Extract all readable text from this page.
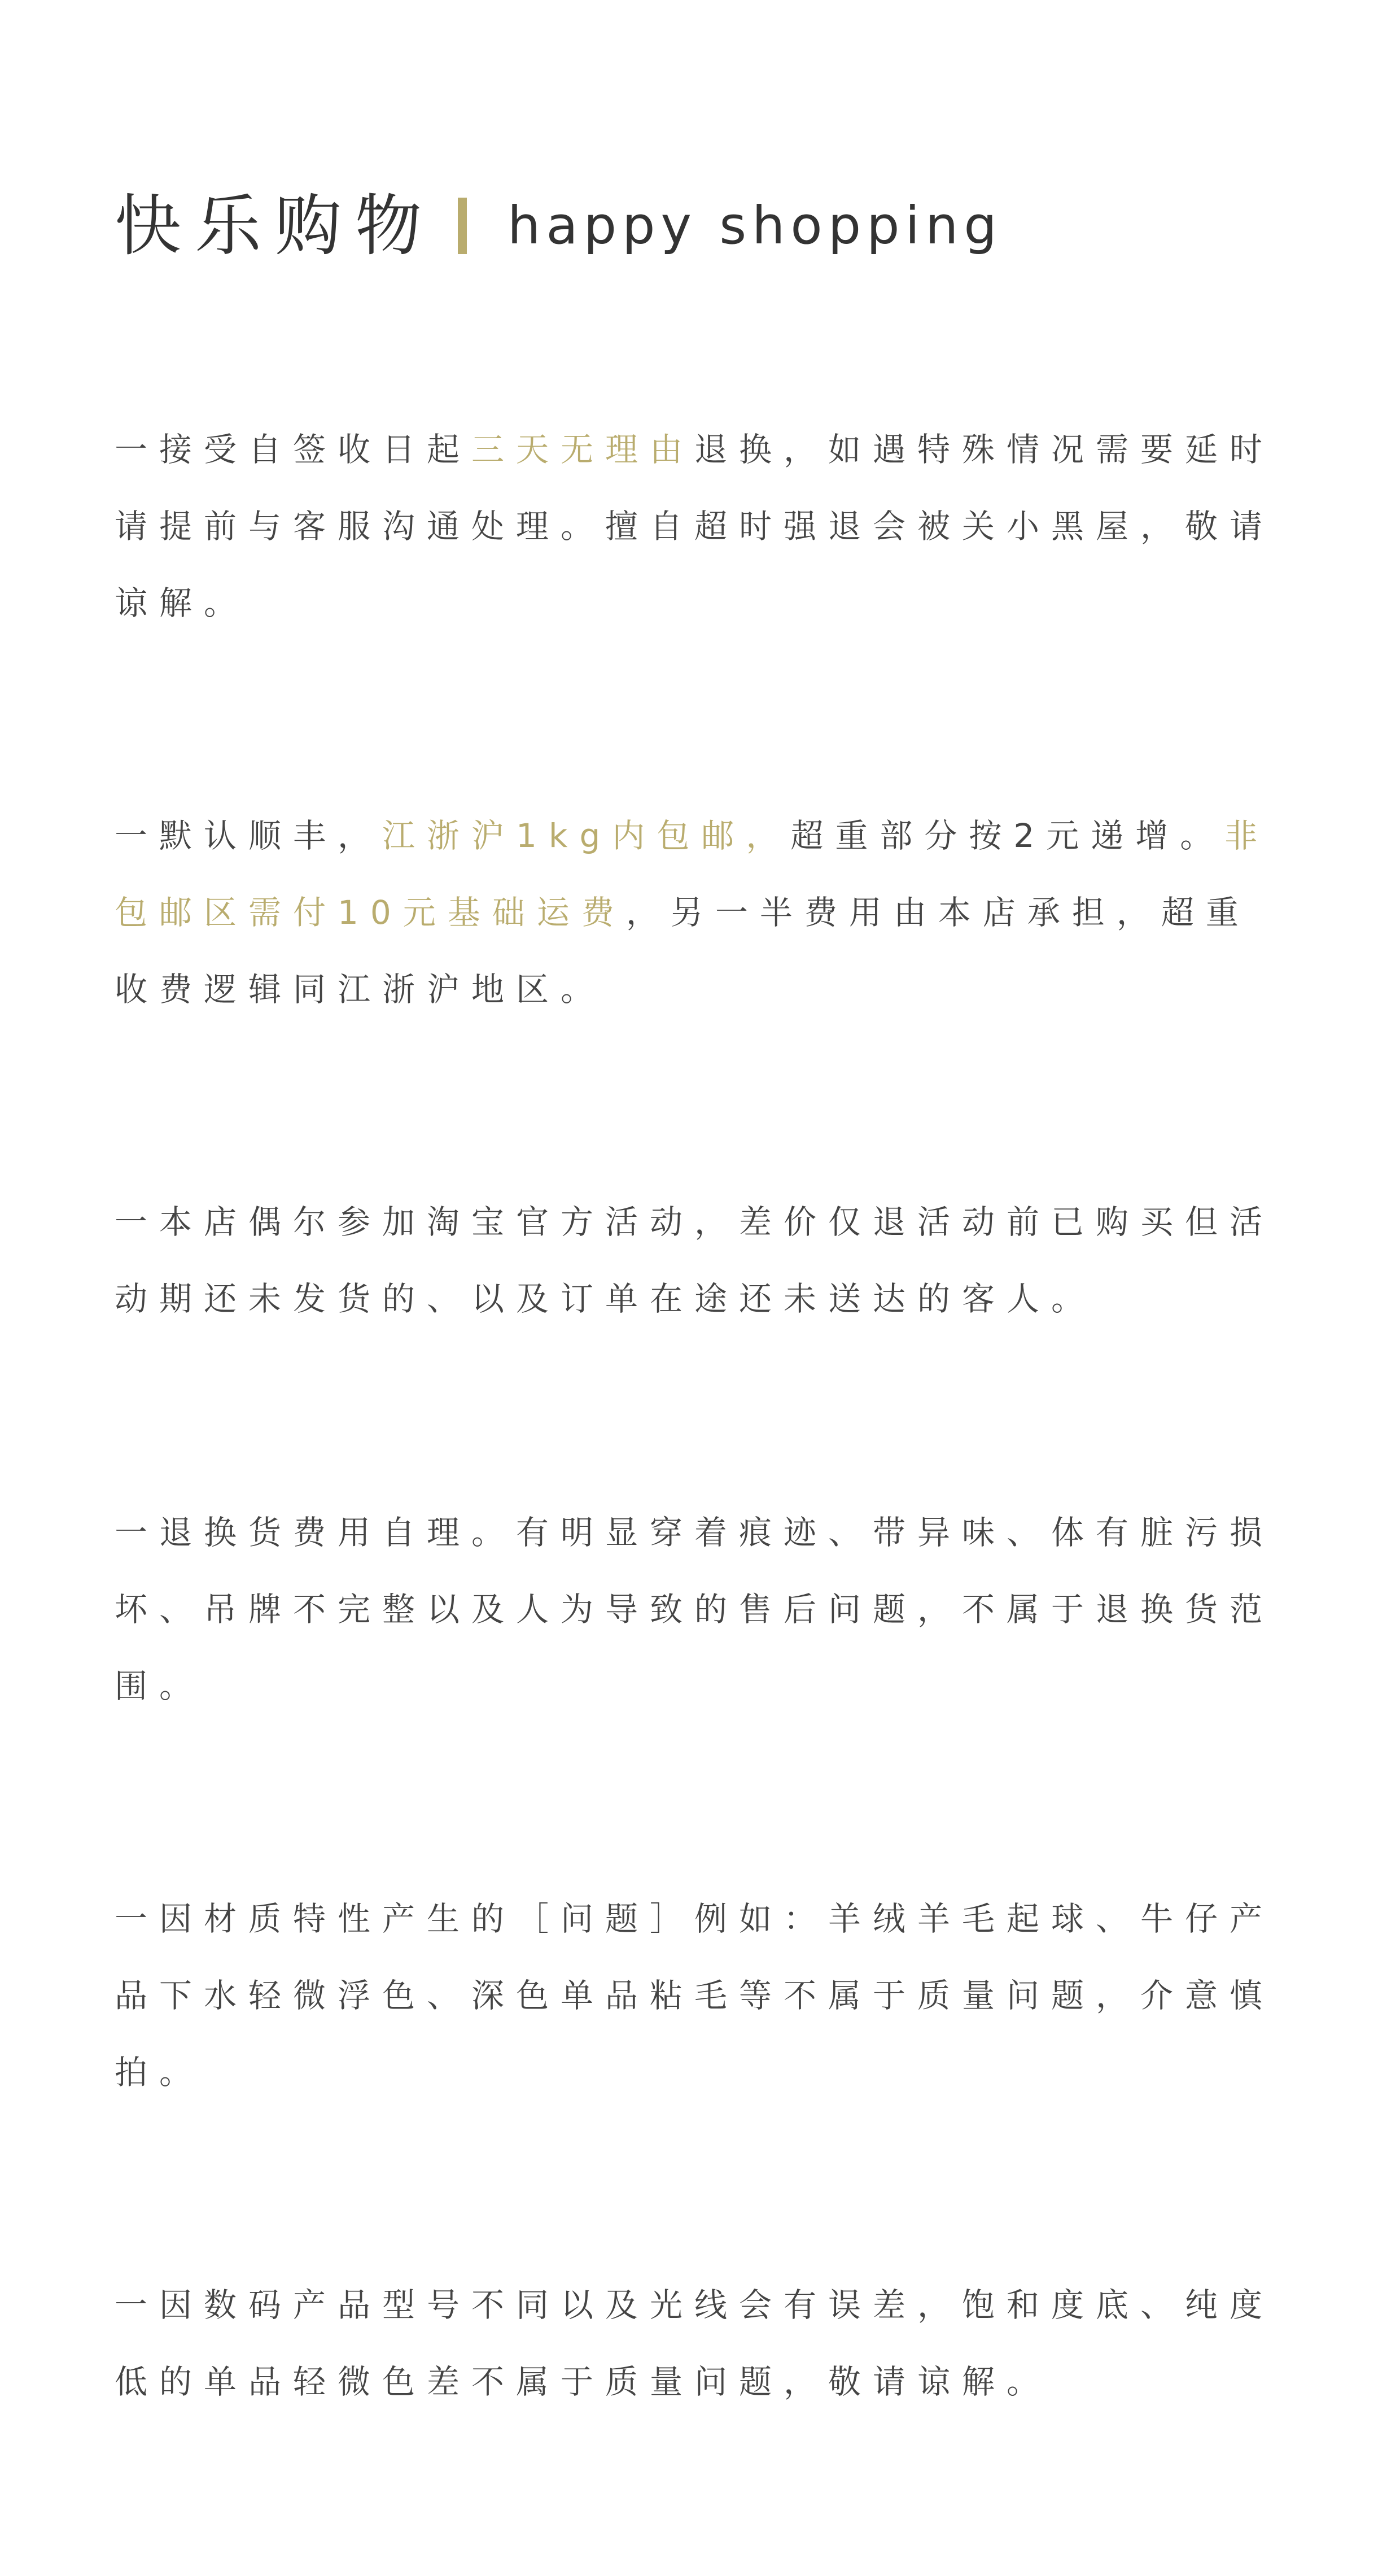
快乐购物 happy shopping

一接受自签收日起三天无理由退换，如遇特殊情况需要延时请提前与客服沟通处理。擅自超时强退会被关小黑屋，敬请谅解。

一默认顺丰，江浙沪1kg内包邮，超重部分按2元递增。非包邮区需付10元基础运费，另一半费用由本店承担，超重收费逻辑同江浙沪地区。

一本店偶尔参加淘宝官方活动，差价仅退活动前已购买但活动期还未发货的、以及订单在途还未送达的客人。

一退换货费用自理。有明显穿着痕迹、带异味、体有脏污损坏、吊牌不完整以及人为导致的售后问题，不属于退换货范围。

一因材质特性产生的［问题］例如：羊绒羊毛起球、牛仔产品下水轻微浮色、深色单品粘毛等不属于质量问题，介意慎拍。

一因数码产品型号不同以及光线会有误差，饱和度底、纯度低的单品轻微色差不属于质量问题，敬请谅解。
